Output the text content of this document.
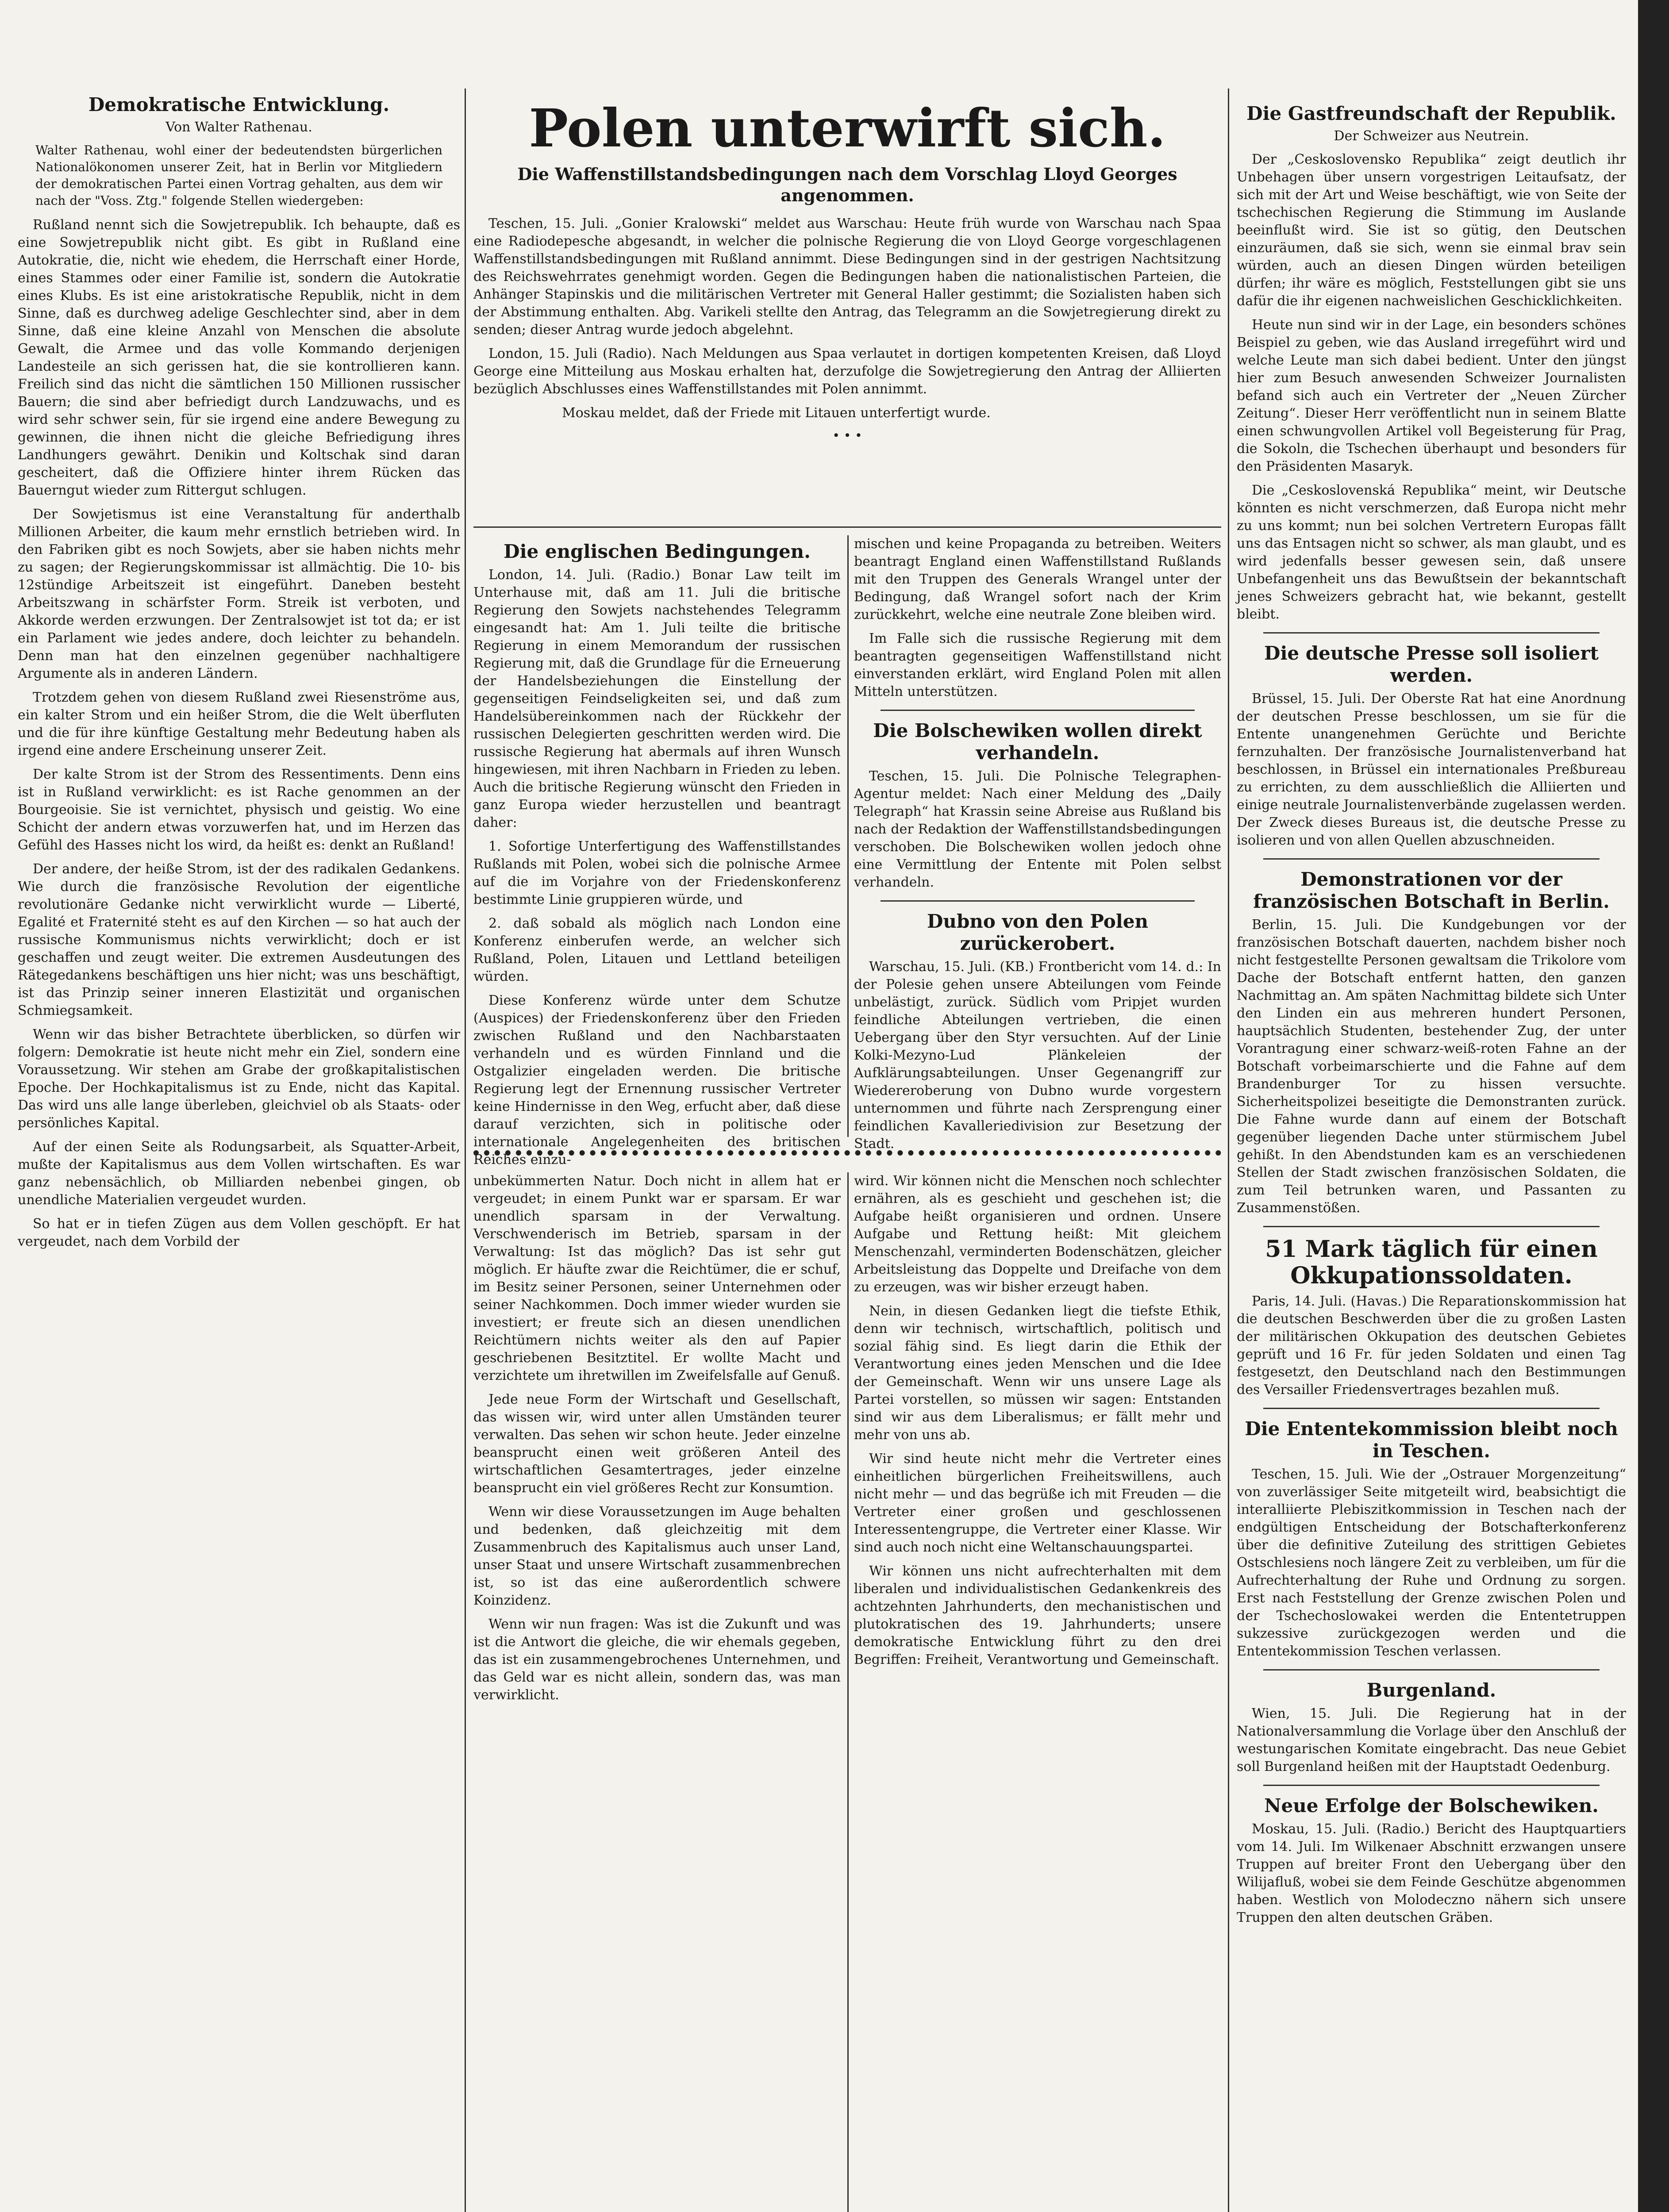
Demokratische Entwicklung.
Von Walter Rathenau.
Walter Rathenau, wohl einer der bedeutendsten bürgerlichen Nationalökonomen unserer Zeit, hat in Berlin vor Mitgliedern der demokratischen Partei einen Vortrag gehalten, aus dem wir nach der "Voss. Ztg." folgende Stellen wiedergeben:

Rußland nennt sich die Sowjetrepublik. Ich behaupte, daß es eine Sowjetrepublik nicht gibt. Es gibt in Rußland eine Autokratie, die, nicht wie ehedem, die Herrschaft einer Horde, eines Stammes oder einer Familie ist, sondern die Autokratie eines Klubs. Es ist eine aristokratische Republik, nicht in dem Sinne, daß es durchweg adelige Geschlechter sind, aber in dem Sinne, daß eine kleine Anzahl von Menschen die absolute Gewalt, die Armee und das volle Kommando derjenigen Landesteile an sich gerissen hat, die sie kontrollieren kann. Freilich sind das nicht die sämtlichen 150 Millionen russischer Bauern; die sind aber befriedigt durch Landzuwachs, und es wird sehr schwer sein, für sie irgend eine andere Bewegung zu gewinnen, die ihnen nicht die gleiche Befriedigung ihres Landhungers gewährt. Denikin und Koltschak sind daran gescheitert, daß die Offiziere hinter ihrem Rücken das Bauerngut wieder zum Rittergut schlugen.

Der Sowjetismus ist eine Veranstaltung für anderthalb Millionen Arbeiter, die kaum mehr ernstlich betrieben wird. In den Fabriken gibt es noch Sowjets, aber sie haben nichts mehr zu sagen; der Regierungskommissar ist allmächtig. Die 10- bis 12stündige Arbeitszeit ist eingeführt. Daneben besteht Arbeitszwang in schärfster Form. Streik ist verboten, und Akkorde werden erzwungen. Der Zentralsowjet ist tot da; er ist ein Parlament wie jedes andere, doch leichter zu behandeln. Denn man hat den einzelnen gegenüber nachhaltigere Argumente als in anderen Ländern.

Trotzdem gehen von diesem Rußland zwei Riesenströme aus, ein kalter Strom und ein heißer Strom, die die Welt überfluten und die für ihre künftige Gestaltung mehr Bedeutung haben als irgend eine andere Erscheinung unserer Zeit.

Der kalte Strom ist der Strom des Ressentiments. Denn eins ist in Rußland verwirklicht: es ist Rache genommen an der Bourgeoisie. Sie ist vernichtet, physisch und geistig. Wo eine Schicht der andern etwas vorzuwerfen hat, und im Herzen das Gefühl des Hasses nicht los wird, da heißt es: denkt an Rußland!

Der andere, der heiße Strom, ist der des radikalen Gedankens. Wie durch die französische Revolution der eigentliche revolutionäre Gedanke nicht verwirklicht wurde — Liberté, Egalité et Fraternité steht es auf den Kirchen — so hat auch der russische Kommunismus nichts verwirklicht; doch er ist geschaffen und zeugt weiter. Die extremen Ausdeutungen des Rätegedankens beschäftigen uns hier nicht; was uns beschäftigt, ist das Prinzip seiner inneren Elastizität und organischen Schmiegsamkeit.

Wenn wir das bisher Betrachtete überblicken, so dürfen wir folgern: Demokratie ist heute nicht mehr ein Ziel, sondern eine Voraussetzung. Wir stehen am Grabe der großkapitalistischen Epoche. Der Hochkapitalismus ist zu Ende, nicht das Kapital. Das wird uns alle lange überleben, gleichviel ob als Staats- oder persönliches Kapital.

Auf der einen Seite als Rodungsarbeit, als Squatter-Arbeit, mußte der Kapitalismus aus dem Vollen wirtschaften. Es war ganz nebensächlich, ob Milliarden nebenbei gingen, ob unendliche Materialien vergeudet wurden.

So hat er in tiefen Zügen aus dem Vollen geschöpft. Er hat vergeudet, nach dem Vorbild der

Polen unterwirft sich.
Die Waffenstillstandsbedingungen nach dem Vorschlag Lloyd Georges angenommen.

Teschen, 15. Juli. „Gonier Kralowski“ meldet aus Warschau: Heute früh wurde von Warschau nach Spaa eine Radiodepesche abgesandt, in welcher die polnische Regierung die von Lloyd George vorgeschlagenen Waffenstillstandsbedingungen mit Rußland annimmt. Diese Bedingungen sind in der gestrigen Nachtsitzung des Reichswehrrates genehmigt worden. Gegen die Bedingungen haben die nationalistischen Parteien, die Anhänger Stapinskis und die militärischen Vertreter mit General Haller gestimmt; die Sozialisten haben sich der Abstimmung enthalten. Abg. Varikeli stellte den Antrag, das Telegramm an die Sowjetregierung direkt zu senden; dieser Antrag wurde jedoch abgelehnt.

London, 15. Juli (Radio). Nach Meldungen aus Spaa verlautet in dortigen kompetenten Kreisen, daß Lloyd George eine Mitteilung aus Moskau erhalten hat, derzufolge die Sowjetregierung den Antrag der Alliierten bezüglich Abschlusses eines Waffenstillstandes mit Polen annimmt.

Moskau meldet, daß der Friede mit Litauen unterfertigt wurde.

• • •
Die englischen Bedingungen.

London, 14. Juli. (Radio.) Bonar Law teilt im Unterhause mit, daß am 11. Juli die britische Regierung den Sowjets nachstehendes Telegramm eingesandt hat: Am 1. Juli teilte die britische Regierung in einem Memorandum der russischen Regierung mit, daß die Grundlage für die Erneuerung der Handelsbeziehungen die Einstellung der gegenseitigen Feindseligkeiten sei, und daß zum Handelsübereinkommen nach der Rückkehr der russischen Delegierten geschritten werden wird. Die russische Regierung hat abermals auf ihren Wunsch hingewiesen, mit ihren Nachbarn in Frieden zu leben. Auch die britische Regierung wünscht den Frieden in ganz Europa wieder herzustellen und beantragt daher:

1. Sofortige Unterfertigung des Waffenstillstandes Rußlands mit Polen, wobei sich die polnische Armee auf die im Vorjahre von der Friedenskonferenz bestimmte Linie gruppieren würde, und

2. daß sobald als möglich nach London eine Konferenz einberufen werde, an welcher sich Rußland, Polen, Litauen und Lettland beteiligen würden.

Diese Konferenz würde unter dem Schutze (Auspices) der Friedenskonferenz über den Frieden zwischen Rußland und den Nachbarstaaten verhandeln und es würden Finnland und die Ostgalizier eingeladen werden. Die britische Regierung legt der Ernennung russischer Vertreter keine Hindernisse in den Weg, erfucht aber, daß diese darauf verzichten, sich in politische oder internationale Angelegenheiten des britischen Reiches einzu-

mischen und keine Propaganda zu betreiben. Weiters beantragt England einen Waffenstillstand Rußlands mit den Truppen des Generals Wrangel unter der Bedingung, daß Wrangel sofort nach der Krim zurückkehrt, welche eine neutrale Zone bleiben wird.

Im Falle sich die russische Regierung mit dem beantragten gegenseitigen Waffenstillstand nicht einverstanden erklärt, wird England Polen mit allen Mitteln unterstützen.

Die Bolschewiken wollen direkt verhandeln.

Teschen, 15. Juli. Die Polnische Telegraphen-Agentur meldet: Nach einer Meldung des „Daily Telegraph“ hat Krassin seine Abreise aus Rußland bis nach der Redaktion der Waffenstillstandsbedingungen verschoben. Die Bolschewiken wollen jedoch ohne eine Vermittlung der Entente mit Polen selbst verhandeln.

Dubno von den Polen zurückerobert.

Warschau, 15. Juli. (KB.) Frontbericht vom 14. d.: In der Polesie gehen unsere Abteilungen vom Feinde unbelästigt, zurück. Südlich vom Pripjet wurden feindliche Abteilungen vertrieben, die einen Uebergang über den Styr versuchten. Auf der Linie Kolki-Mezyno-Lud Plänkeleien der Aufklärungsabteilungen. Unser Gegenangriff zur Wiedereroberung von Dubno wurde vorgestern unternommen und führte nach Zersprengung einer feindlichen Kavalleriedivision zur Besetzung der Stadt.

unbekümmerten Natur. Doch nicht in allem hat er vergeudet; in einem Punkt war er sparsam. Er war unendlich sparsam in der Verwaltung. Verschwenderisch im Betrieb, sparsam in der Verwaltung: Ist das möglich? Das ist sehr gut möglich. Er häufte zwar die Reichtümer, die er schuf, im Besitz seiner Personen, seiner Unternehmen oder seiner Nachkommen. Doch immer wieder wurden sie investiert; er freute sich an diesen unendlichen Reichtümern nichts weiter als den auf Papier geschriebenen Besitztitel. Er wollte Macht und verzichtete um ihretwillen im Zweifelsfalle auf Genuß.

Jede neue Form der Wirtschaft und Gesellschaft, das wissen wir, wird unter allen Umständen teurer verwalten. Das sehen wir schon heute. Jeder einzelne beansprucht einen weit größeren Anteil des wirtschaftlichen Gesamtertrages, jeder einzelne beansprucht ein viel größeres Recht zur Konsumtion.

Wenn wir diese Voraussetzungen im Auge behalten und bedenken, daß gleichzeitig mit dem Zusammenbruch des Kapitalismus auch unser Land, unser Staat und unsere Wirtschaft zusammenbrechen ist, so ist das eine außerordentlich schwere Koinzidenz.

Wenn wir nun fragen: Was ist die Zukunft und was ist die Antwort die gleiche, die wir ehemals gegeben, das ist ein zusammengebrochenes Unternehmen, und das Geld war es nicht allein, sondern das, was man verwirklicht.

wird. Wir können nicht die Menschen noch schlechter ernähren, als es geschieht und geschehen ist; die Aufgabe heißt organisieren und ordnen. Unsere Aufgabe und Rettung heißt: Mit gleichem Menschenzahl, verminderten Bodenschätzen, gleicher Arbeitsleistung das Doppelte und Dreifache von dem zu erzeugen, was wir bisher erzeugt haben.

Nein, in diesen Gedanken liegt die tiefste Ethik, denn wir technisch, wirtschaftlich, politisch und sozial fähig sind. Es liegt darin die Ethik der Verantwortung eines jeden Menschen und die Idee der Gemeinschaft. Wenn wir uns unsere Lage als Partei vorstellen, so müssen wir sagen: Entstanden sind wir aus dem Liberalismus; er fällt mehr und mehr von uns ab.

Wir sind heute nicht mehr die Vertreter eines einheitlichen bürgerlichen Freiheitswillens, auch nicht mehr — und das begrüße ich mit Freuden — die Vertreter einer großen und geschlossenen Interessentengruppe, die Vertreter einer Klasse. Wir sind auch noch nicht eine Weltanschauungspartei.

Wir können uns nicht aufrechterhalten mit dem liberalen und individualistischen Gedankenkreis des achtzehnten Jahrhunderts, den mechanistischen und plutokratischen des 19. Jahrhunderts; unsere demokratische Entwicklung führt zu den drei Begriffen: Freiheit, Verantwortung und Gemeinschaft.

Die Gastfreundschaft der Republik.
Der Schweizer aus Neutrein.

Der „Ceskoslovensko Republika“ zeigt deutlich ihr Unbehagen über unsern vorgestrigen Leitaufsatz, der sich mit der Art und Weise beschäftigt, wie von Seite der tschechischen Regierung die Stimmung im Auslande beeinflußt wird. Sie ist so gütig, den Deutschen einzuräumen, daß sie sich, wenn sie einmal brav sein würden, auch an diesen Dingen würden beteiligen dürfen; ihr wäre es möglich, Feststellungen gibt sie uns dafür die ihr eigenen nachweislichen Geschicklichkeiten.

Heute nun sind wir in der Lage, ein besonders schönes Beispiel zu geben, wie das Ausland irregeführt wird und welche Leute man sich dabei bedient. Unter den jüngst hier zum Besuch anwesenden Schweizer Journalisten befand sich auch ein Vertreter der „Neuen Zürcher Zeitung“. Dieser Herr veröffentlicht nun in seinem Blatte einen schwungvollen Artikel voll Begeisterung für Prag, die Sokoln, die Tschechen überhaupt und besonders für den Präsidenten Masaryk.

Die „Ceskoslovenská Republika“ meint, wir Deutsche könnten es nicht verschmerzen, daß Europa nicht mehr zu uns kommt; nun bei solchen Vertretern Europas fällt uns das Entsagen nicht so schwer, als man glaubt, und es wird jedenfalls besser gewesen sein, daß unsere Unbefangenheit uns das Bewußtsein der bekanntschaft jenes Schweizers gebracht hat, wie bekannt, gestellt bleibt.

Die deutsche Presse soll isoliert werden.

Brüssel, 15. Juli. Der Oberste Rat hat eine Anordnung der deutschen Presse beschlossen, um sie für die Entente unangenehmen Gerüchte und Berichte fernzuhalten. Der französische Journalistenverband hat beschlossen, in Brüssel ein internationales Preßbureau zu errichten, zu dem ausschließlich die Alliierten und einige neutrale Journalistenverbände zugelassen werden. Der Zweck dieses Bureaus ist, die deutsche Presse zu isolieren und von allen Quellen abzuschneiden.

Demonstrationen vor der französischen Botschaft in Berlin.

Berlin, 15. Juli. Die Kundgebungen vor der französischen Botschaft dauerten, nachdem bisher noch nicht festgestellte Personen gewaltsam die Trikolore vom Dache der Botschaft entfernt hatten, den ganzen Nachmittag an. Am späten Nachmittag bildete sich Unter den Linden ein aus mehreren hundert Personen, hauptsächlich Studenten, bestehender Zug, der unter Vorantragung einer schwarz-weiß-roten Fahne an der Botschaft vorbeimarschierte und die Fahne auf dem Brandenburger Tor zu hissen versuchte. Sicherheitspolizei beseitigte die Demonstranten zurück. Die Fahne wurde dann auf einem der Botschaft gegenüber liegenden Dache unter stürmischem Jubel gehißt. In den Abendstunden kam es an verschiedenen Stellen der Stadt zwischen französischen Soldaten, die zum Teil betrunken waren, und Passanten zu Zusammenstößen.

51 Mark täglich für einen Okkupationssoldaten.

Paris, 14. Juli. (Havas.) Die Reparationskommission hat die deutschen Beschwerden über die zu großen Lasten der militärischen Okkupation des deutschen Gebietes geprüft und 16 Fr. für jeden Soldaten und einen Tag festgesetzt, den Deutschland nach den Bestimmungen des Versailler Friedensvertrages bezahlen muß.

Die Ententekommission bleibt noch in Teschen.

Teschen, 15. Juli. Wie der „Ostrauer Morgenzeitung“ von zuverlässiger Seite mitgeteilt wird, beabsichtigt die interalliierte Plebiszitkommission in Teschen nach der endgültigen Entscheidung der Botschafterkonferenz über die definitive Zuteilung des strittigen Gebietes Ostschlesiens noch längere Zeit zu verbleiben, um für die Aufrechterhaltung der Ruhe und Ordnung zu sorgen. Erst nach Feststellung der Grenze zwischen Polen und der Tschechoslowakei werden die Ententetruppen sukzessive zurückgezogen werden und die Ententekommission Teschen verlassen.

Burgenland.

Wien, 15. Juli. Die Regierung hat in der Nationalversammlung die Vorlage über den Anschluß der westungarischen Komitate eingebracht. Das neue Gebiet soll Burgenland heißen mit der Hauptstadt Oedenburg.

Neue Erfolge der Bolschewiken.

Moskau, 15. Juli. (Radio.) Bericht des Hauptquartiers vom 14. Juli. Im Wilkenaer Abschnitt erzwangen unsere Truppen auf breiter Front den Uebergang über den Wilijafluß, wobei sie dem Feinde Geschütze abgenommen haben. Westlich von Molodeczno nähern sich unsere Truppen den alten deutschen Gräben.
